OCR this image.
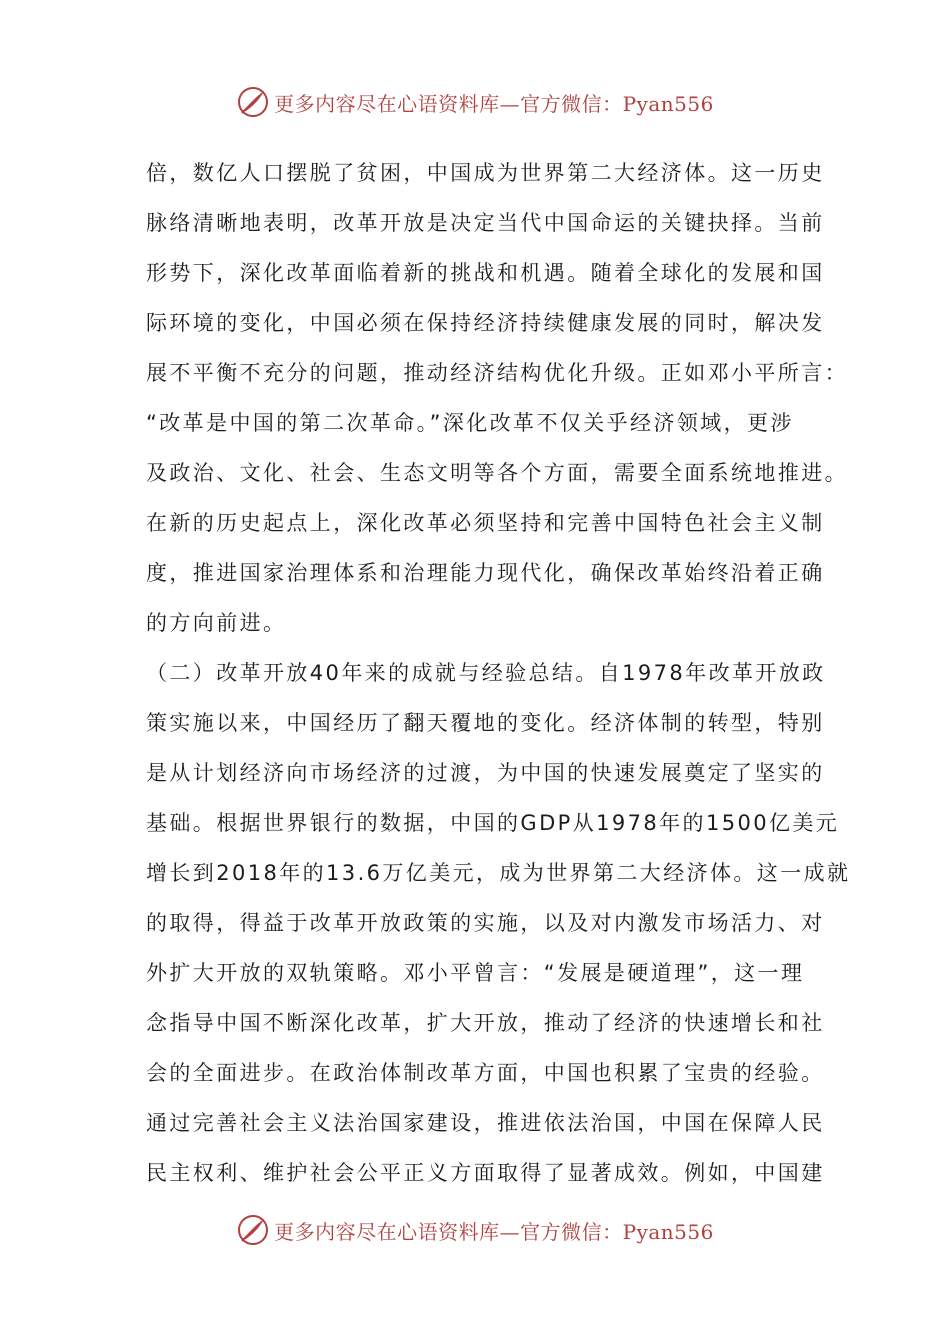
更多内容尽在心语资料库—官方微信：Pyan556
倍，数亿人口摆脱了贫困，中国成为世界第二大经济体。这一历史
脉络清晰地表明，改革开放是决定当代中国命运的关键抉择。当前
形势下，深化改革面临着新的挑战和机遇。随着全球化的发展和国
际环境的变化，中国必须在保持经济持续健康发展的同时，解决发
展不平衡不充分的问题，推动经济结构优化升级。正如邓小平所言：
“改革是中国的第二次革命。”深化改革不仅关乎经济领域，更涉
及政治、文化、社会、生态文明等各个方面，需要全面系统地推进。
在新的历史起点上，深化改革必须坚持和完善中国特色社会主义制
度，推进国家治理体系和治理能力现代化，确保改革始终沿着正确
的方向前进。
（二）改革开放40年来的成就与经验总结。自1978年改革开放政
策实施以来，中国经历了翻天覆地的变化。经济体制的转型，特别
是从计划经济向市场经济的过渡，为中国的快速发展奠定了坚实的
基础。根据世界银行的数据，中国的GDP从1978年的1500亿美元
增长到2018年的13.6万亿美元，成为世界第二大经济体。这一成就
的取得，得益于改革开放政策的实施，以及对内激发市场活力、对
外扩大开放的双轨策略。邓小平曾言：“发展是硬道理”，这一理
念指导中国不断深化改革，扩大开放，推动了经济的快速增长和社
会的全面进步。在政治体制改革方面，中国也积累了宝贵的经验。
通过完善社会主义法治国家建设，推进依法治国，中国在保障人民
民主权利、维护社会公平正义方面取得了显著成效。例如，中国建
更多内容尽在心语资料库—官方微信：Pyan556
